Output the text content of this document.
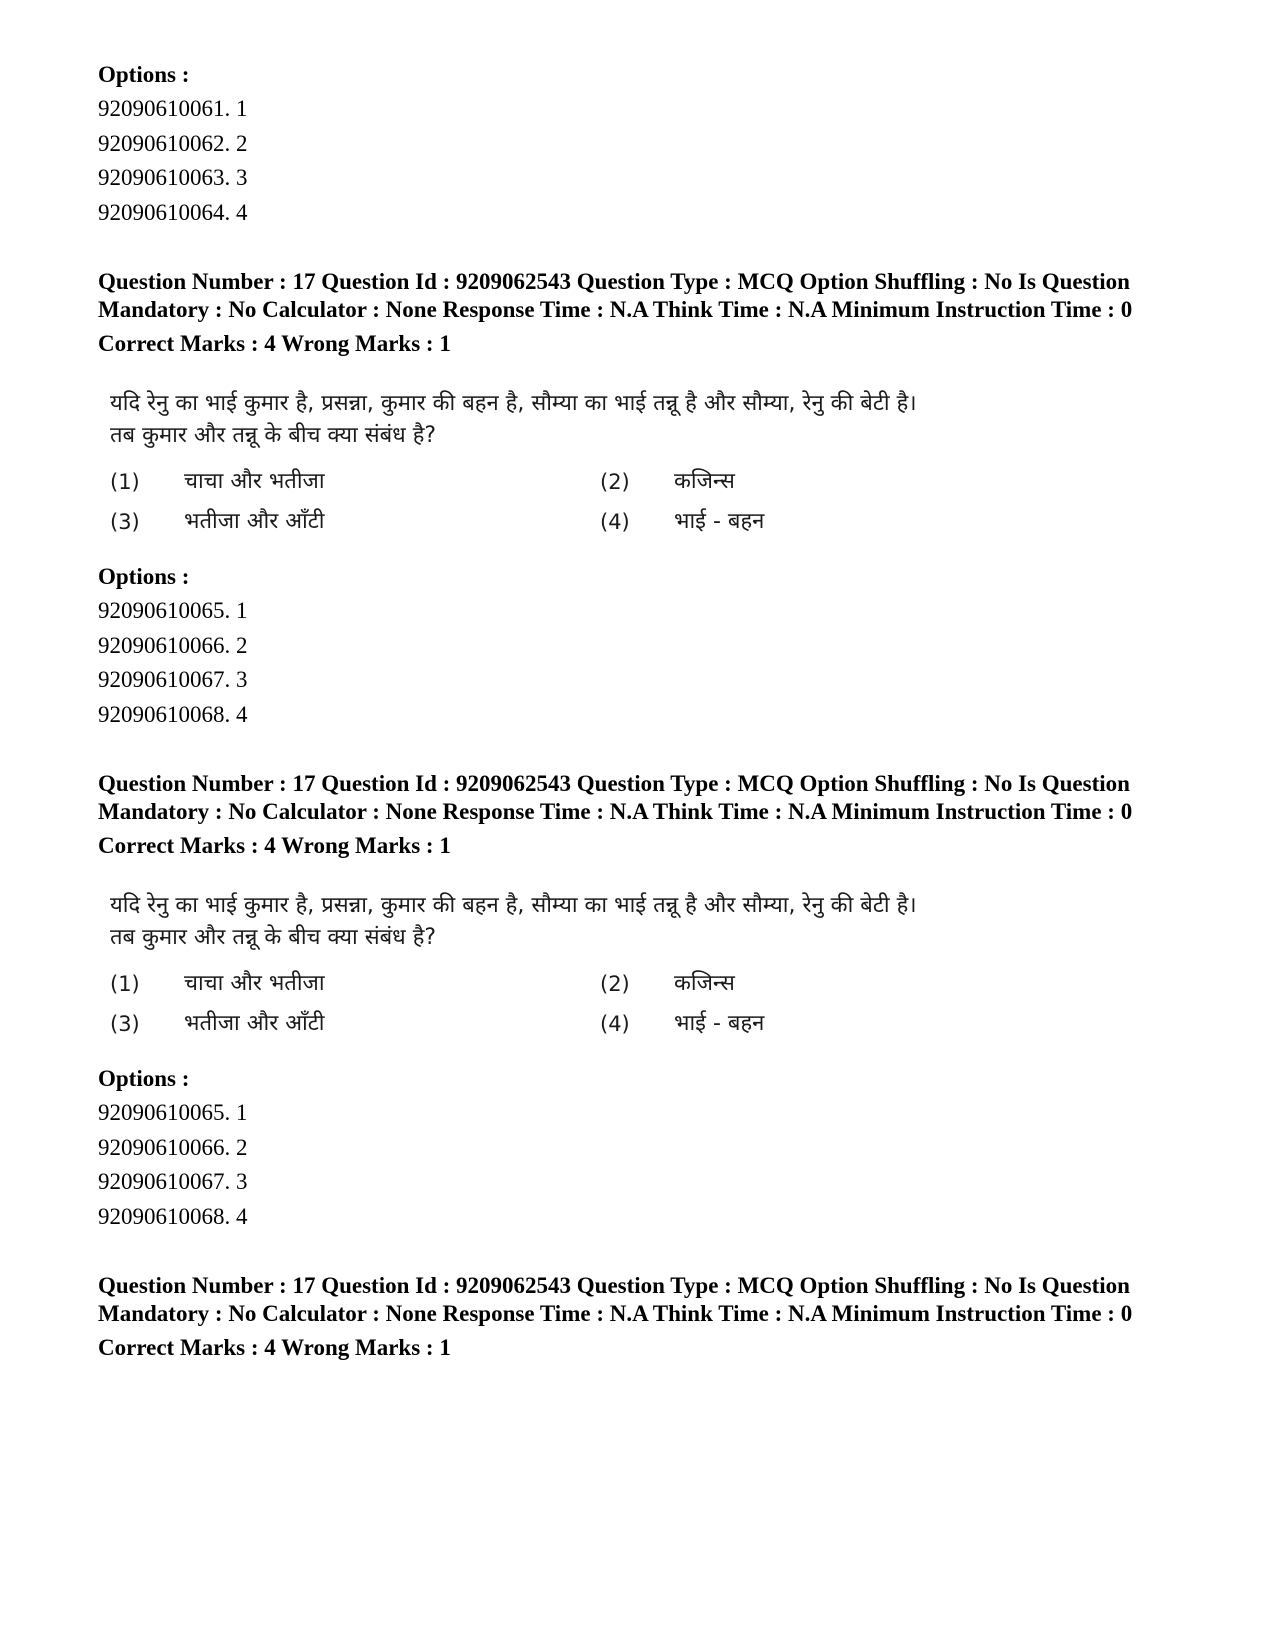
Options :

92090610061. 1

92090610062. 2

92090610063. 3

92090610064. 4

Question Number : 17 Question Id : 9209062543 Question Type : MCQ Option Shuffling : No Is Question Mandatory : No Calculator : None Response Time : N.A Think Time : N.A Minimum Instruction Time : 0

Correct Marks : 4 Wrong Marks : 1

यदि रेनु का भाई कुमार है, प्रसन्ना, कुमार की बहन है, सौम्या का भाई तन्नू है और सौम्या, रेनु की बेटी है।

तब कुमार और तन्नू के बीच क्या संबंध है?

(1)	चाचा और भतीजा	(2)	कजिन्स
(3)	भतीजा और आँटी	(4)	भाई - बहन

Options :

92090610065. 1

92090610066. 2

92090610067. 3

92090610068. 4

Question Number : 17 Question Id : 9209062543 Question Type : MCQ Option Shuffling : No Is Question Mandatory : No Calculator : None Response Time : N.A Think Time : N.A Minimum Instruction Time : 0

Correct Marks : 4 Wrong Marks : 1

यदि रेनु का भाई कुमार है, प्रसन्ना, कुमार की बहन है, सौम्या का भाई तन्नू है और सौम्या, रेनु की बेटी है।

तब कुमार और तन्नू के बीच क्या संबंध है?

(1)	चाचा और भतीजा	(2)	कजिन्स
(3)	भतीजा और आँटी	(4)	भाई - बहन

Options :

92090610065. 1

92090610066. 2

92090610067. 3

92090610068. 4

Question Number : 17 Question Id : 9209062543 Question Type : MCQ Option Shuffling : No Is Question Mandatory : No Calculator : None Response Time : N.A Think Time : N.A Minimum Instruction Time : 0

Correct Marks : 4 Wrong Marks : 1
